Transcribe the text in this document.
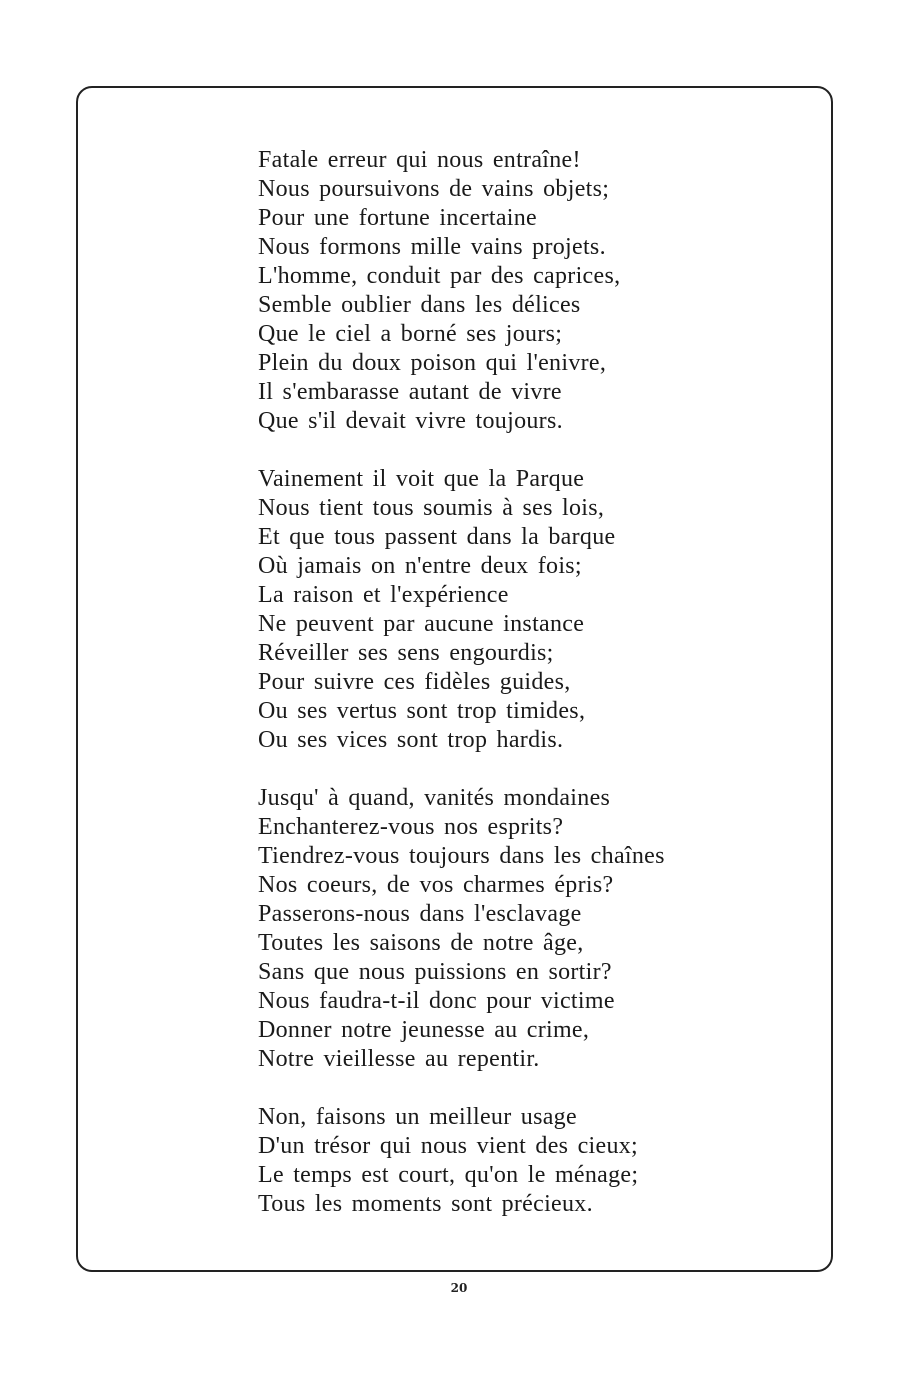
Fatale erreur qui nous entraîne!
Nous poursuivons de vains objets;
Pour une fortune incertaine
Nous formons mille vains projets.
L'homme, conduit par des caprices,
Semble oublier dans les délices
Que le ciel a borné ses jours;
Plein du doux poison qui l'enivre,
Il s'embarasse autant de vivre
Que s'il devait vivre toujours.
Vainement il voit que la Parque
Nous tient tous soumis à ses lois,
Et que tous passent dans la barque
Où jamais on n'entre deux fois;
La raison et l'expérience
Ne peuvent par aucune instance
Réveiller ses sens engourdis;
Pour suivre ces fidèles guides,
Ou ses vertus sont trop timides,
Ou ses vices sont trop hardis.
Jusqu' à quand, vanités mondaines
Enchanterez-vous nos esprits?
Tiendrez-vous toujours dans les chaînes
Nos coeurs, de vos charmes épris?
Passerons-nous dans l'esclavage
Toutes les saisons de notre âge,
Sans que nous puissions en sortir?
Nous faudra-t-il donc pour victime
Donner notre jeunesse au crime,
Notre vieillesse au repentir.
Non, faisons un meilleur usage
D'un trésor qui nous vient des cieux;
Le temps est court, qu'on le ménage;
Tous les moments sont précieux.
20
